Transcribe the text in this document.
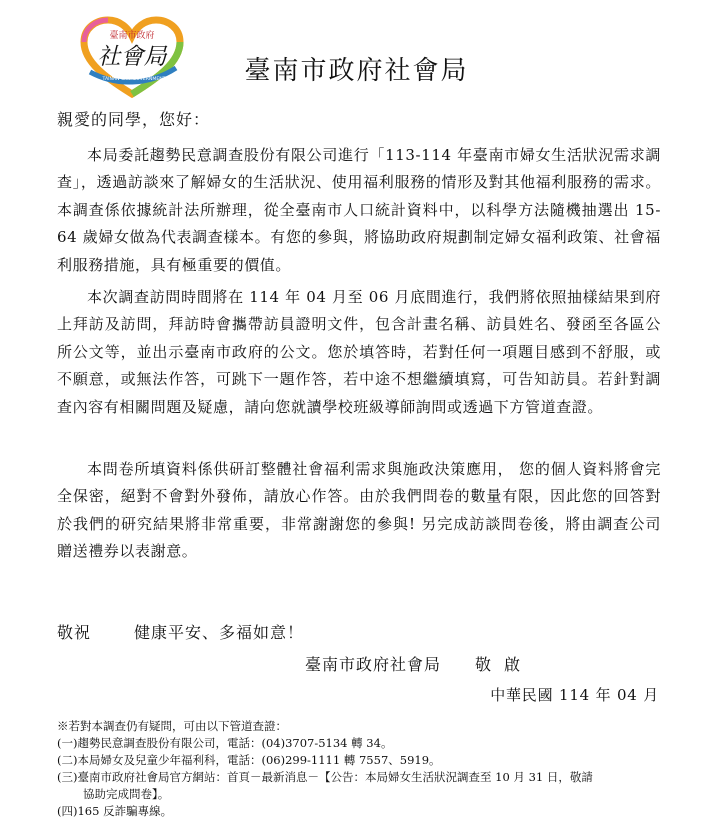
臺南市政府
社會局
TAINAN CITY GOVERNMENT	臺南市政府社會局
親愛的同學，您好：

本局委託趨勢民意調查股份有限公司進行「113-114 年臺南市婦女生活狀況需求調查」，透過訪談來了解婦女的生活狀況、使用福利服務的情形及對其他福利服務的需求。本調查係依據統計法所辦理，從全臺南市人口統計資料中，以科學方法隨機抽選出 15-64 歲婦女做為代表調查樣本。有您的參與，將協助政府規劃制定婦女福利政策、社會福利服務措施，具有極重要的價值。

本次調查訪問時間將在 114 年 04 月至 06 月底間進行，我們將依照抽樣結果到府上拜訪及訪問，拜訪時會攜帶訪員證明文件，包含計畫名稱、訪員姓名、發函至各區公所公文等，並出示臺南市政府的公文。您於填答時，若對任何一項題目感到不舒服，或不願意，或無法作答，可跳下一題作答，若中途不想繼續填寫，可告知訪員。若針對調查內容有相關問題及疑慮，請向您就讀學校班級導師詢問或透過下方管道查證。

本問卷所填資料係供研訂整體社會福利需求與施政決策應用， 您的個人資料將會完全保密，絕對不會對外發佈，請放心作答。由於我們問卷的數量有限，因此您的回答對於我們的研究結果將非常重要，非常謝謝您的參與! 另完成訪談問卷後，將由調查公司贈送禮券以表謝意。

敬祝	健康平安、多福如意！
臺南市政府社會局　　敬 啟
中華民國 114 年 04 月

※若對本調查仍有疑問，可由以下管道查證：

(一)趨勢民意調查股份有限公司，電話：(04)3707-5134 轉 34。

(二)本局婦女及兒童少年福利科，電話：(06)299-1111 轉 7557、5919。

(三)臺南市政府社會局官方網站：首頁－最新消息－【公告：本局婦女生活狀況調查至 10 月 31 日，敬請

協助完成問卷】。

(四)165 反詐騙專線。
